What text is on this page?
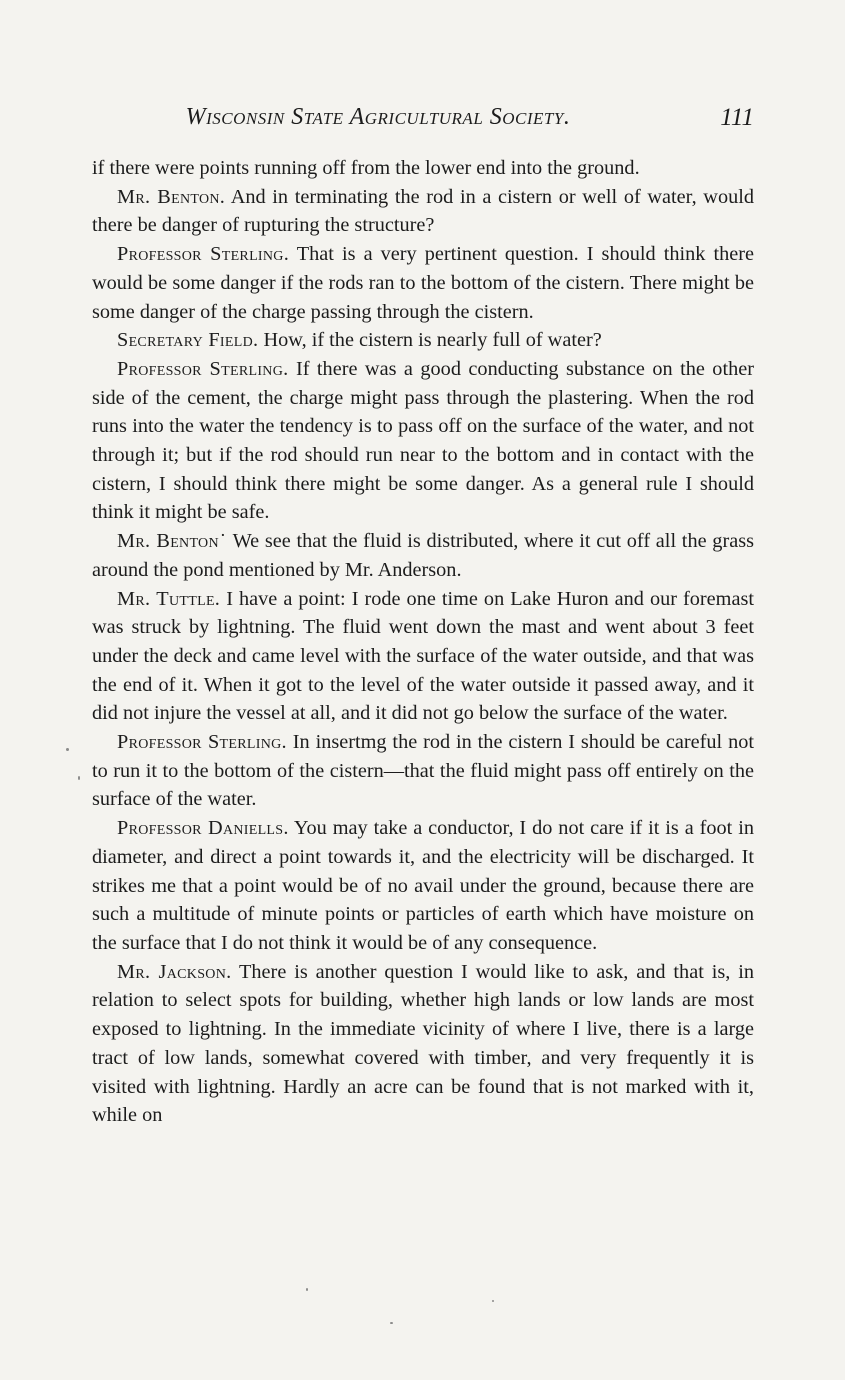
Wisconsin State Agricultural Society.	111

if there were points running off from the lower end into the ground.

Mr. Benton. And in terminating the rod in a cistern or well of water, would there be danger of rupturing the structure?

Professor Sterling. That is a very pertinent question. I should think there would be some danger if the rods ran to the bottom of the cistern. There might be some danger of the charge passing through the cistern.

Secretary Field. How, if the cistern is nearly full of water?

Professor Sterling. If there was a good conducting substance on the other side of the cement, the charge might pass through the plastering. When the rod runs into the water the tendency is to pass off on the surface of the water, and not through it; but if the rod should run near to the bottom and in contact with the cistern, I should think there might be some danger. As a general rule I should think it might be safe.

Mr. Benton˙ We see that the fluid is distributed, where it cut off all the grass around the pond mentioned by Mr. Anderson.

Mr. Tuttle. I have a point: I rode one time on Lake Huron and our foremast was struck by lightning. The fluid went down the mast and went about 3 feet under the deck and came level with the surface of the water outside, and that was the end of it. When it got to the level of the water outside it passed away, and it did not injure the vessel at all, and it did not go below the surface of the water.

Professor Sterling. In insertmg the rod in the cistern I should be careful not to run it to the bottom of the cistern—that the fluid might pass off entirely on the surface of the water.

Professor Daniells. You may take a conductor, I do not care if it is a foot in diameter, and direct a point towards it, and the electricity will be discharged. It strikes me that a point would be of no avail under the ground, because there are such a multitude of minute points or particles of earth which have moisture on the surface that I do not think it would be of any consequence.

Mr. Jackson. There is another question I would like to ask, and that is, in relation to select spots for building, whether high lands or low lands are most exposed to lightning. In the immediate vicinity of where I live, there is a large tract of low lands, somewhat covered with timber, and very frequently it is visited with lightning. Hardly an acre can be found that is not marked with it, while on
